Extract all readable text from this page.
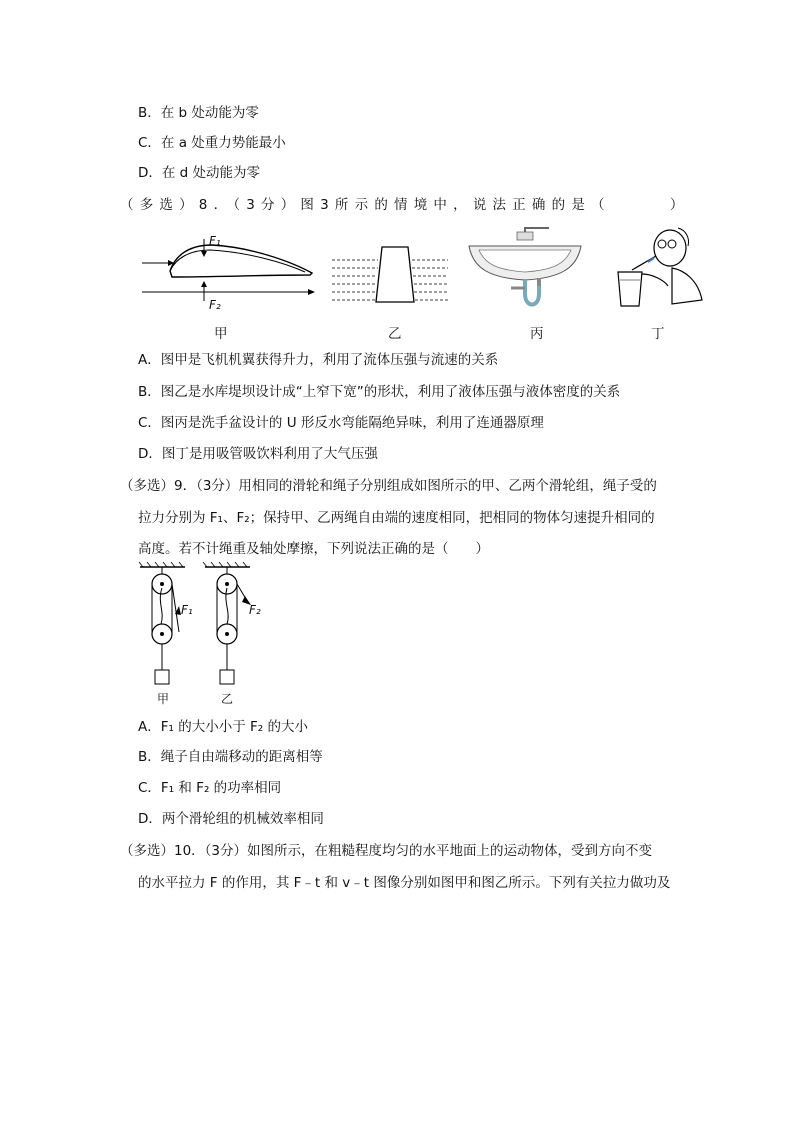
B．在 b 处动能为零
C．在 a 处重力势能最小
D．在 d 处动能为零
（多选）8．（3分）图3所示的情境中，说法正确的是（　　　）
F₁
F₂
甲	乙	丙	丁
A．图甲是飞机机翼获得升力，利用了流体压强与流速的关系
B．图乙是水库堤坝设计成“上窄下宽”的形状，利用了液体压强与液体密度的关系
C．图丙是洗手盆设计的 U 形反水弯能隔绝异味，利用了连通器原理
D．图丁是用吸管吸饮料利用了大气压强
（多选）9．（3分）用相同的滑轮和绳子分别组成如图所示的甲、乙两个滑轮组，绳子受的
拉力分别为 F₁、F₂；保持甲、乙两绳自由端的速度相同，把相同的物体匀速提升相同的
高度。若不计绳重及轴处摩擦，下列说法正确的是（　　）
F₁	F₂
甲	乙
A．F₁ 的大小小于 F₂ 的大小
B．绳子自由端移动的距离相等
C．F₁ 和 F₂ 的功率相同
D．两个滑轮组的机械效率相同
（多选）10．（3分）如图所示，在粗糙程度均匀的水平地面上的运动物体，受到方向不变
的水平拉力 F 的作用，其 F﹣t 和 v﹣t 图像分别如图甲和图乙所示。下列有关拉力做功及
